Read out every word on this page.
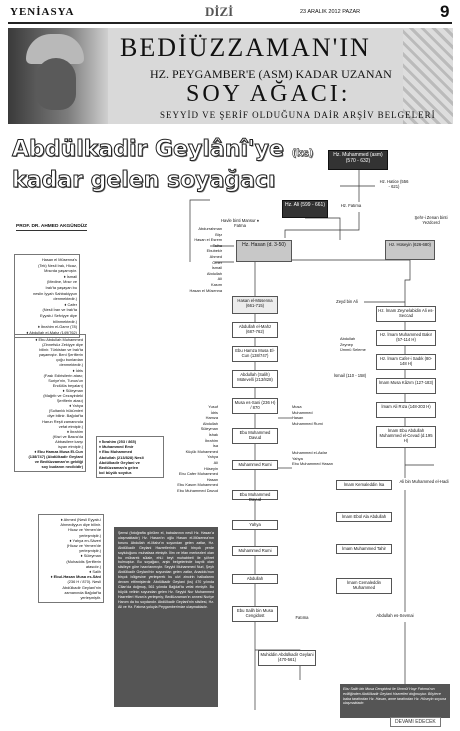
YENİASYA	DİZİ	23 ARALIK 2012 PAZAR	9
BEDİÜZZAMAN'IN
HZ. PEYGAMBER'E (ASM) KADAR UZANAN
SOY AĞACI:
SEYYİD VE ŞERİF OLDUĞUNA DAİR ARŞİV BELGELERİ
Abdülkadir Geylânî'ye (ks)
kadar gelen soyağacı
PROF. DR. AHMED AKGÜNDÜZ
Hz. Muhammed (asm) (570 - 632)
Hz. Hatice (556 - 621)
Hz. Ali (599 - 661)	Hz. Fatıma
Havle binti Mansur ♦ Fatma
Hz. Hasan (d. 3-50)	Hz. Hüseyin (626-680)
Şehr-i Zenan binti Yezdcerd
Hasan el-Müsenna (661-715)
Abdullah el-Mahz (687-762)
Ebu Hamza Musa El-Cun (138/747)
Abdullah (Salih) Mütevelli (213/828)
Musa es-Sani (236 H) / 870
Ebu Muhammed Davud
Muhammed Rumi
Ebu Muhammed Davud
Yahya
Muhammed Rumi
Abdullah
Ebu Salih bin Musa Cengidost
Muhiddin Abdülkadir Geylani (470-561)
Fatıma
Zeyd bin Ali
Hz. İmam Zeynelabidin Ali es-Seccad
Hz. İmam Muhammed Bakır (57-114 H)
Hz. İmam Cafer-i Sadık (80-148 H)
İsmail (110 - 158)
İmam Musa Kâzım (127-183)
İmam Ali Rıza (148-203 H)
İmam Ebu Abdullah Muhammed el-Cevad (d.195 H)
İmam Kemaleddin İsa
Ali bin Muhammed el-Hadi
İmam Ebül Ala Abdullah
İmam Muhammed Tahir
İmam Cemaleddin Muhammed
Abdullah es-Sevmai
Abdurrahman
Bişr
Hasan el Esrem
Talha
Ebubekir
Ahmed
Ömer
İsmail
Abdullah
Ali
Kasım
Hasan el Müsenna
Hasan el Müsenna's
(Tek) Nesli Irak, Hicaz,
Mısırda yaşamıştır.
♦ İsmail
(Medine, Mısır ve
Irak'ta yaşayan bu
neslin İyyah Sahbakiyyun
denmektedir.)
♦ Cafer
(Nesli İran ve Irak'ta
Eyyab-i Sefviyye diye bilinmektedir.)
♦ İbrahim el-Gamr (78)
♦ Abdullah el-Mahz (149/762)
♦ Ebu Abdullah Muhammed
(Zinnefsüz Zekiyye diye
bilinir. Türkistan ve Irak'ta
yaşamıştır. Beni Şeriflerin
çoğu bunlardan
denmektedir.)
♦ İdris
(Faslı Edirisilerin atası;
Suriye'nin, Tunus'un
Endülüs beyaları)
♦ Süleyman
(Mağrib ve Cezayirdeki
Şeriflerin atası)
♦ Yahya
(Sultanlık hükümleri
diye bilinir. Bağdat'ta
Harun Reşit zamanında
vefat etmiştir.)
♦ İbrahim
(Kisri ve Basra'da
Abbasilere karşı
isyan etmiştir.)
♦ Ebu Hamza Musa El-Cun
(138/747) (Abdülkadir Geylani
ve Bediüzzaman'ın geldiği
soy budanın necibidir)
♦ İbrahim (253 / 865)
♦ Muhammed Emir
♦ Ebu Muhammed
Abdullah (213/828) Nesli
Abdülkadir Geylani ve
Bediüzzaman'a gelen
kol büyük soydur.
♦ Ahmed (Nesli Eyyab-i
Ahmediyyun diye bilinir.
Hicaz ve Yemen'de
yerleşmiştir.)
♦ Yahya en-Sâveri
(Hicaz ve Yemen'de
yerleşmiştir.)
♦ Süleyman
(Muhaddis Şeriflerin
atasıdır.)
♦ Salih
♦ Ebul-Hasan Musa es-Sâni
(236 H / 870). Nesli
Abdülkadir Geylani'nin
zamanında Bağdat'ta
yerleşmiştir.
Yusuf
İdris
Hamza
Abdullah
Süleyman
İshak
İbrahim
İsa
Küçük Muhammed
Yahya
Ali
Hüseyin
Ebu Cafer Muhammed
Hasan
Ebu Kasım Muhammed
Ebu Muhammed Davud
Musa
Muhammed
Hasan
Muhammed Rumi
Muhammed el-Asfar
Yahya
Ebu Muhammed Hasan
Abdullah
Zeynep
Ümmü Seleme
Şemsi (fotoğrafta görülen el, babalarının nesli Hz. Hasan'a ulaşmaktadır) Hz. Hasan'ın oğlu Hasan el-Müsenna'nın torunu Abdullah el-Mahz'ın soyundan gelen zatlar, Hz. Abdülkadir Geylani Hazretlerinin nesli birçok yerde soyluluğunu muhafaza etmiştir. İlim ve irfan merkezleri olan bu mübarek sülale, ehl-i beyt muhabbeti ile şöhret bulmuştur. Bu soyağacı, arşiv belgelerinde kayıtlı olan silsileye göre hazırlanmıştır. Seyyid Muhammed Nuri, Şeyh Abdülkadir Geylani'nin soyundan gelen zatlar, Anadolu'nun birçok bölgesine yerleşerek bu ulvi zincirin halkalarını devam ettirmişlerdir. Abdülkadir Geylani (ks) 470 yılında Cîlan'da doğmuş, 561 yılında Bağdat'ta vefat etmiştir. Bu büyük velinin soyundan gelen Hz. Seyyid Nur Muhammed Hazretleri Hizan'a yerleşmiş; Bediüzzaman'ın annesi Nuriye Hanım da bu soydandır. Abdülkadir Geylani'nin silsilesi, Hz. Ali ve Hz. Fatıma yoluyla Peygamberimize ulaşmaktadır.
Ebu Salih bin Musa Cengidost ile Ümmül Hayr Fatıma'nın evliliğinden Abdülkadir Geylani Hazretleri doğmuştur. Böylece baba tarafından Hz. Hasan, anne tarafından Hz. Hüseyin soyuna ulaşmaktadır.
DEVAMI EDECEK
